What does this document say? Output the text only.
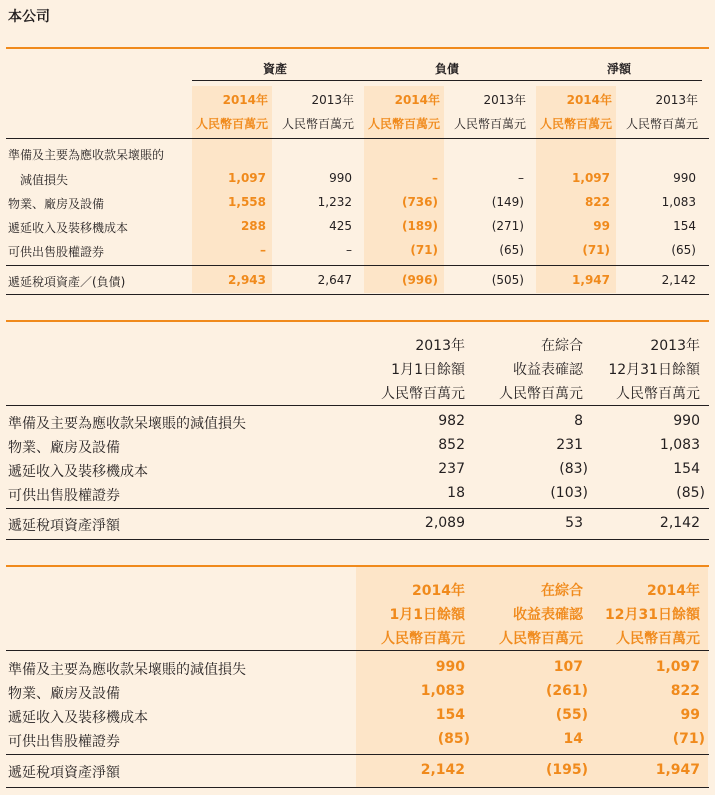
本公司
資產	負債	淨額
2014年	2013年	2014年	2013年	2014年	2013年
人民幣百萬元	人民幣百萬元	人民幣百萬元	人民幣百萬元	人民幣百萬元	人民幣百萬元
準備及主要為應收款呆壞賬的
減值損失	1,097	990	–	–	1,097	990
物業、廠房及設備	1,558	1,232	(736)	(149)	822	1,083
遞延收入及裝移機成本	288	425	(189)	(271)	99	154
可供出售股權證券	–	–	(71)	(65)	(71)	(65)
遞延稅項資產／(負債)	2,943	2,647	(996)	(505)	1,947	2,142
2013年	在綜合	2013年
1月1日餘額	收益表確認	12月31日餘額
人民幣百萬元	人民幣百萬元	人民幣百萬元
準備及主要為應收款呆壞賬的減值損失	982	8	990
物業、廠房及設備	852	231	1,083
遞延收入及裝移機成本	237	(83)	154
可供出售股權證券	18	(103)	(85)
遞延稅項資產淨額	2,089	53	2,142
2014年	在綜合	2014年
1月1日餘額	收益表確認	12月31日餘額
人民幣百萬元	人民幣百萬元	人民幣百萬元
準備及主要為應收款呆壞賬的減值損失	990	107	1,097
物業、廠房及設備	1,083	(261)	822
遞延收入及裝移機成本	154	(55)	99
可供出售股權證券	(85)	14	(71)
遞延稅項資產淨額	2,142	(195)	1,947
